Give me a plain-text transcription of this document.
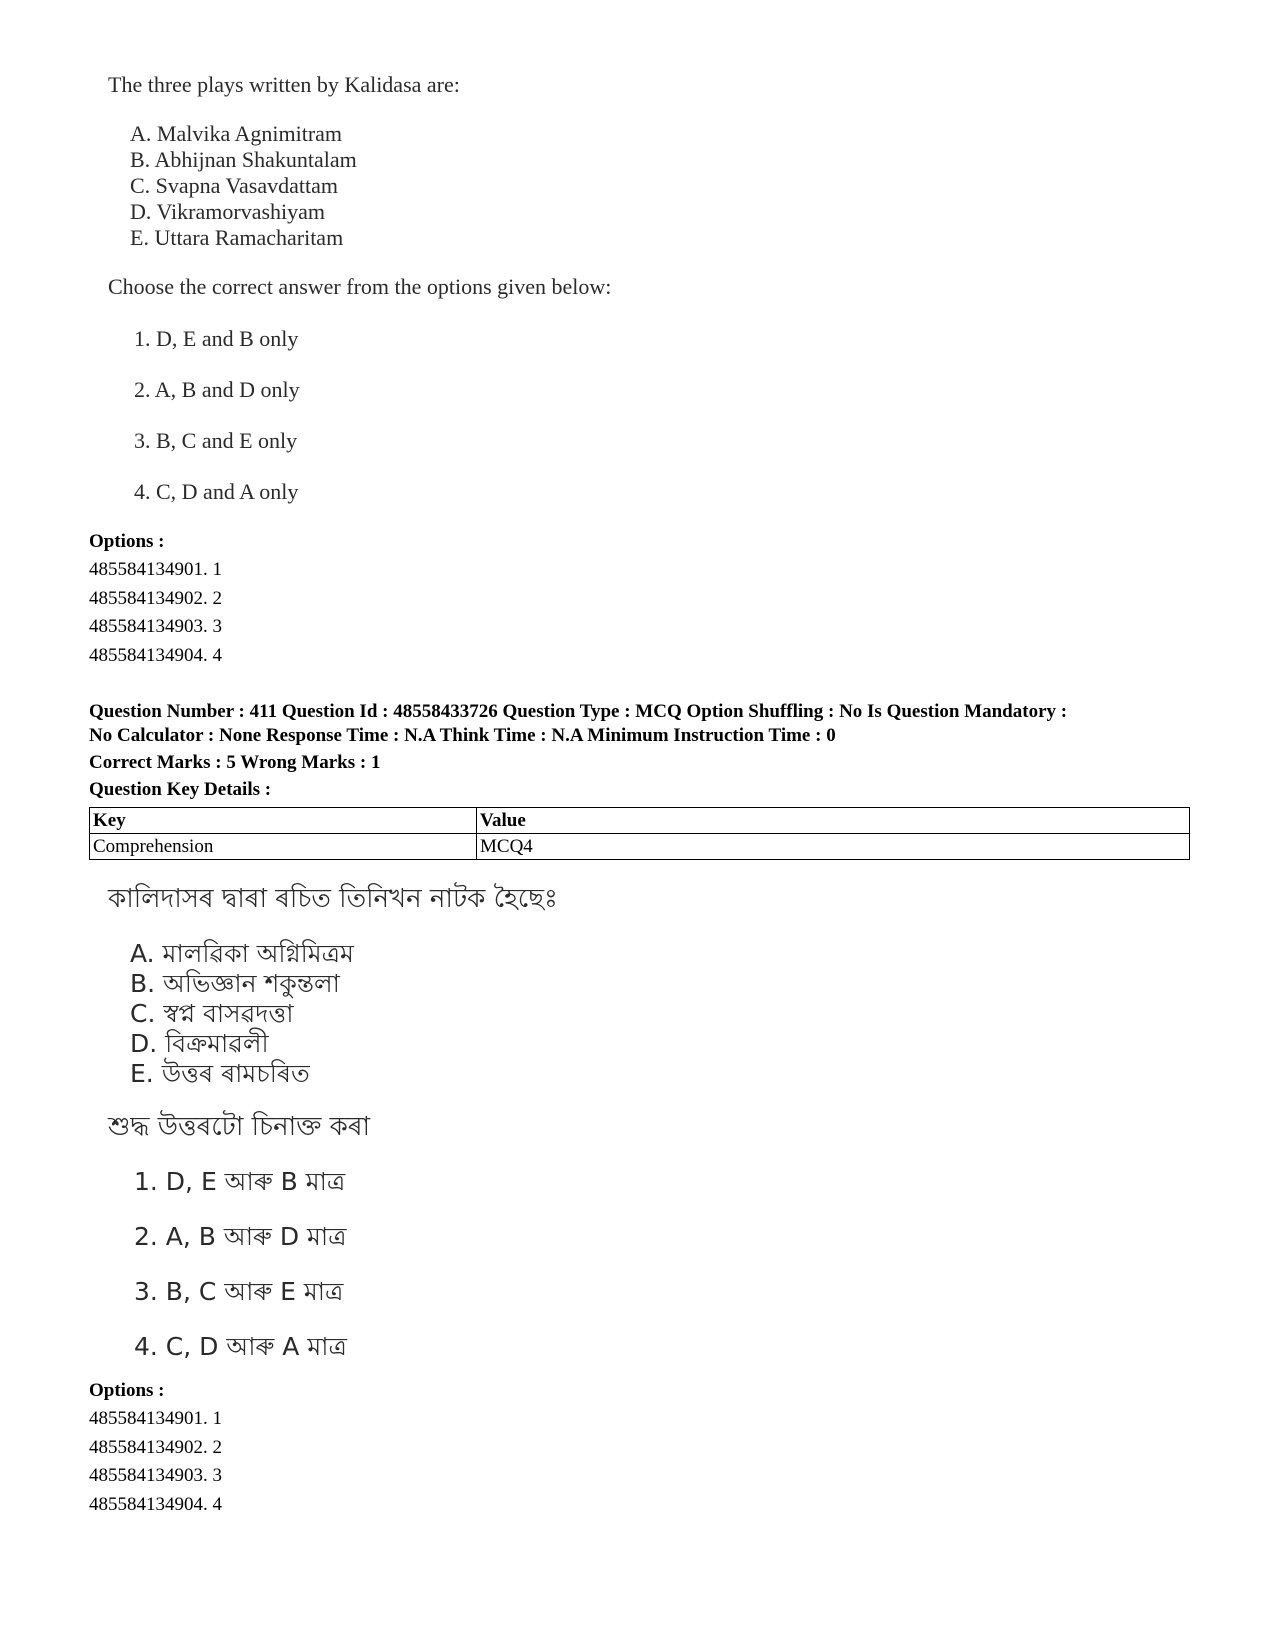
The three plays written by Kalidasa are:

A. Malvika Agnimitram

B. Abhijnan Shakuntalam

C. Svapna Vasavdattam

D. Vikramorvashiyam

E. Uttara Ramacharitam

Choose the correct answer from the options given below:

1. D, E and B only

2. A, B and D only

3. B, C and E only

4. C, D and A only

Options :
485584134901. 1
485584134902. 2
485584134903. 3
485584134904. 4
Question Number : 411 Question Id : 48558433726 Question Type : MCQ Option Shuffling : No Is Question Mandatory :
No Calculator : None Response Time : N.A Think Time : N.A Minimum Instruction Time : 0
Correct Marks : 5 Wrong Marks : 1
Question Key Details :
Key	Value
Comprehension	MCQ4

কালিদাসৰ দ্বাৰা ৰচিত তিনিখন নাটক হৈছেঃ

A. মালৱিকা অগ্নিমিত্ৰম

B. অভিজ্ঞান শকুন্তলা

C. স্বপ্ন বাসৱদত্তা

D. বিক্ৰমাৱলী

E. উত্তৰ ৰামচৰিত

শুদ্ধ উত্তৰটো চিনাক্ত কৰা

1. D, E আৰু B মাত্ৰ

2. A, B আৰু D মাত্ৰ

3. B, C আৰু E মাত্ৰ

4. C, D আৰু A মাত্ৰ

Options :
485584134901. 1
485584134902. 2
485584134903. 3
485584134904. 4
